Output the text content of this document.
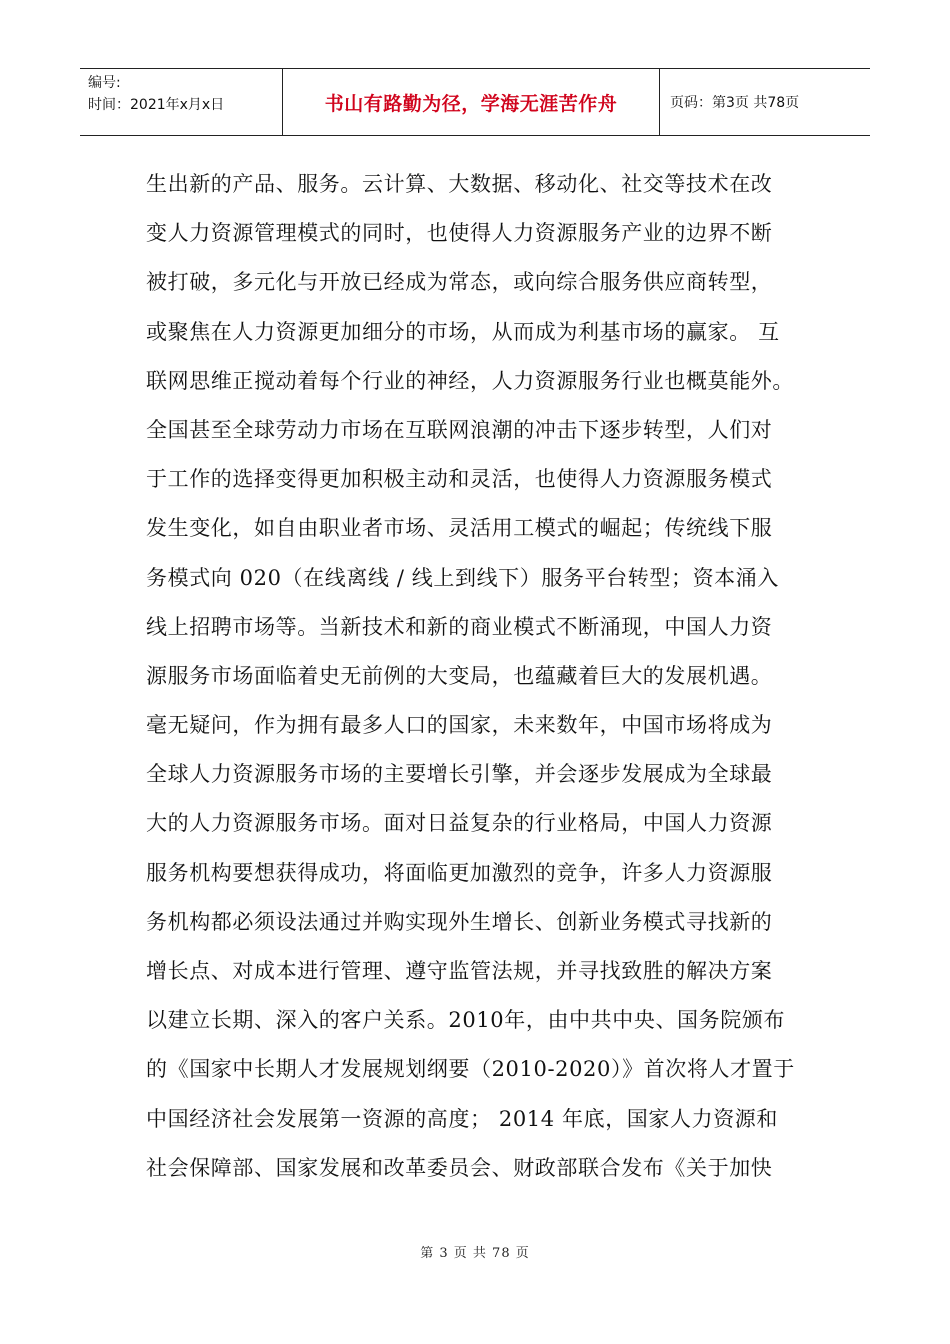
编号:
时间：2021年x月x日	书山有路勤为径，学海无涯苦作舟	页码：第3页 共78页
生出新的产品、服务。云计算、大数据、移动化、社交等技术在改
变人力资源管理模式的同时，也使得人力资源服务产业的边界不断
被打破，多元化与开放已经成为常态，或向综合服务供应商转型，
或聚焦在人力资源更加细分的市场，从而成为利基市场的赢家。 互
联网思维正搅动着每个行业的神经，人力资源服务行业也概莫能外。
全国甚至全球劳动力市场在互联网浪潮的冲击下逐步转型，人们对
于工作的选择变得更加积极主动和灵活，也使得人力资源服务模式
发生变化，如自由职业者市场、灵活用工模式的崛起；传统线下服
务模式向 020（在线离线 / 线上到线下）服务平台转型；资本涌入
线上招聘市场等。当新技术和新的商业模式不断涌现，中国人力资
源服务市场面临着史无前例的大变局，也蕴藏着巨大的发展机遇。
毫无疑问，作为拥有最多人口的国家，未来数年，中国市场将成为
全球人力资源服务市场的主要增长引擎，并会逐步发展成为全球最
大的人力资源服务市场。面对日益复杂的行业格局，中国人力资源
服务机构要想获得成功，将面临更加激烈的竞争，许多人力资源服
务机构都必须设法通过并购实现外生增长、创新业务模式寻找新的
增长点、对成本进行管理、遵守监管法规，并寻找致胜的解决方案
以建立长期、深入的客户关系。2010年，由中共中央、国务院颁布
的《国家中长期人才发展规划纲要（2010-2020）》首次将人才置于
中国经济社会发展第一资源的高度； 2014 年底，国家人力资源和
社会保障部、国家发展和改革委员会、财政部联合发布《关于加快
第 3 页 共 78 页
